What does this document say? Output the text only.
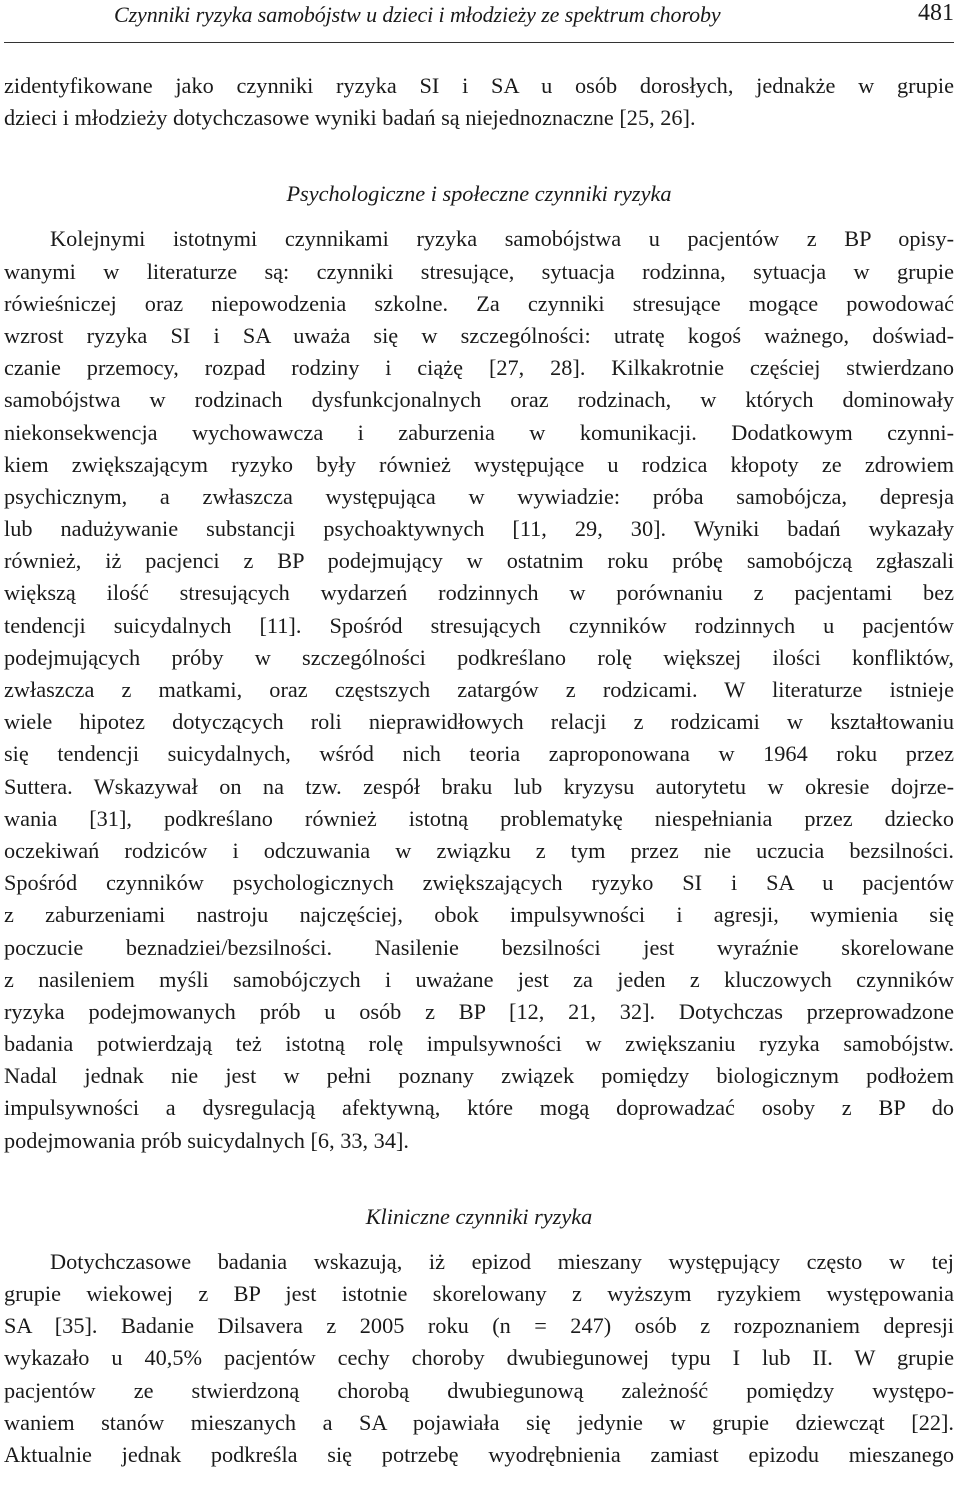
Czynniki ryzyka samobójstw u dzieci i młodzieży ze spektrum choroby	481
zidentyfikowane jako czynniki ryzyka SI i SA u osób dorosłych, jednakże w grupie
dzieci i młodzieży dotychczasowe wyniki badań są niejednoznaczne [25, 26].
Psychologiczne i społeczne czynniki ryzyka
Kolejnymi istotnymi czynnikami ryzyka samobójstwa u pacjentów z BP opisy-
wanymi w literaturze są: czynniki stresujące, sytuacja rodzinna, sytuacja w grupie
rówieśniczej oraz niepowodzenia szkolne. Za czynniki stresujące mogące powodować
wzrost ryzyka SI i SA uważa się w szczególności: utratę kogoś ważnego, doświad-
czanie przemocy, rozpad rodziny i ciążę [27, 28]. Kilkakrotnie częściej stwierdzano
samobójstwa w rodzinach dysfunkcjonalnych oraz rodzinach, w których dominowały
niekonsekwencja wychowawcza i zaburzenia w komunikacji. Dodatkowym czynni-
kiem zwiększającym ryzyko były również występujące u rodzica kłopoty ze zdrowiem
psychicznym, a zwłaszcza występująca w wywiadzie: próba samobójcza, depresja
lub nadużywanie substancji psychoaktywnych [11, 29, 30]. Wyniki badań wykazały
również, iż pacjenci z BP podejmujący w ostatnim roku próbę samobójczą zgłaszali
większą ilość stresujących wydarzeń rodzinnych w porównaniu z pacjentami bez
tendencji suicydalnych [11]. Spośród stresujących czynników rodzinnych u pacjentów
podejmujących próby w szczególności podkreślano rolę większej ilości konfliktów,
zwłaszcza z matkami, oraz częstszych zatargów z rodzicami. W literaturze istnieje
wiele hipotez dotyczących roli nieprawidłowych relacji z rodzicami w kształtowaniu
się tendencji suicydalnych, wśród nich teoria zaproponowana w 1964 roku przez
Suttera. Wskazywał on na tzw. zespół braku lub kryzysu autorytetu w okresie dojrze-
wania [31], podkreślano również istotną problematykę niespełniania przez dziecko
oczekiwań rodziców i odczuwania w związku z tym przez nie uczucia bezsilności.
Spośród czynników psychologicznych zwiększających ryzyko SI i SA u pacjentów
z zaburzeniami nastroju najczęściej, obok impulsywności i agresji, wymienia się
poczucie beznadziei/bezsilności. Nasilenie bezsilności jest wyraźnie skorelowane
z nasileniem myśli samobójczych i uważane jest za jeden z kluczowych czynników
ryzyka podejmowanych prób u osób z BP [12, 21, 32]. Dotychczas przeprowadzone
badania potwierdzają też istotną rolę impulsywności w zwiększaniu ryzyka samobójstw.
Nadal jednak nie jest w pełni poznany związek pomiędzy biologicznym podłożem
impulsywności a dysregulacją afektywną, które mogą doprowadzać osoby z BP do
podejmowania prób suicydalnych [6, 33, 34].
Kliniczne czynniki ryzyka
Dotychczasowe badania wskazują, iż epizod mieszany występujący często w tej
grupie wiekowej z BP jest istotnie skorelowany z wyższym ryzykiem występowania
SA [35]. Badanie Dilsavera z 2005 roku (n = 247) osób z rozpoznaniem depresji
wykazało u 40,5% pacjentów cechy choroby dwubiegunowej typu I lub II. W grupie
pacjentów ze stwierdzoną chorobą dwubiegunową zależność pomiędzy występo-
waniem stanów mieszanych a SA pojawiała się jedynie w grupie dziewcząt [22].
Aktualnie jednak podkreśla się potrzebę wyodrębnienia zamiast epizodu mieszanego
